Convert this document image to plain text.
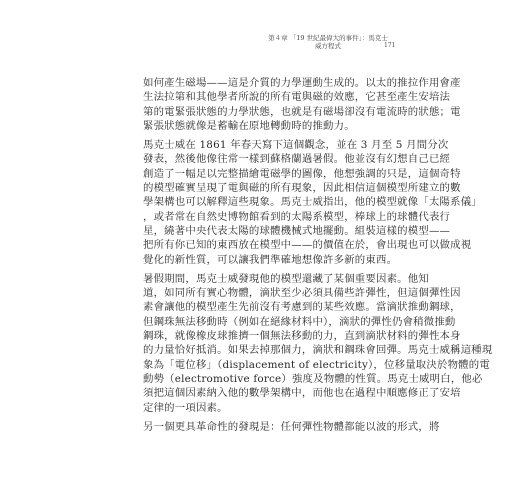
第４章 「19 世紀最偉大的事件」：馬克士威方程式	171
如何產生磁場——這是介質的力學運動生成的。以太的推拉作用會產
生法拉第和其他學者所說的所有電與磁的效應，它甚至產生安培法
第的電緊張狀態的力學狀態，也就是有磁場卻沒有電流時的狀態；電
緊張狀態就像是蓄輸在原地轉動時的推動力。
馬克士威在 1861 年春天寫下這個觀念，並在 3 月至 5 月間分次
發表，然後他像往常一樣到蘇格蘭過暑假。他並沒有幻想自己已經
創造了一幅足以完整描繪電磁學的圖像，他想強調的只是，這個奇特
的模型確實呈現了電與磁的所有現象，因此相信這個模型所建立的數
學架構也可以解釋這些現象。馬克士威指出，他的模型就像「太陽系儀」
，或者常在自然史博物館看到的太陽系模型，棒球上的球體代表行
星，繞著中央代表太陽的球體機械式地擺動。組裝這樣的模型——
把所有你已知的東西放在模型中——的價值在於，會出現也可以做成視
覺化的新性質，可以讓我們準確地想像許多新的東西。
暑假期間，馬克士威發現他的模型還藏了某個重要因素。他知
道，如同所有實心物體，滴狀至少必須具備些許彈性，但這個彈性因
素會讓他的模型產生先前沒有考慮到的某些效應。當滴狀推動鋼球，
但鋼珠無法移動時（例如在絕緣材料中），滴狀的彈性仍會稍微推動
鋼珠，就像橡皮球推擠一個無法移動的力，直到滴狀材料的彈性本身
的力量恰好抵消。如果去掉那個力，滴狀和鋼珠會回彈。馬克士威稱這種現
象為「電位移」（displacement of electricity），位移量取決於物體的電
動勢（electromotive force）強度及物體的性質。馬克士威明白，他必
須把這個因素納入他的數學架構中，而他也在過程中順應修正了安培
定律的一項因素。
另一個更具革命性的發現是：任何彈性物體都能以波的形式，將
